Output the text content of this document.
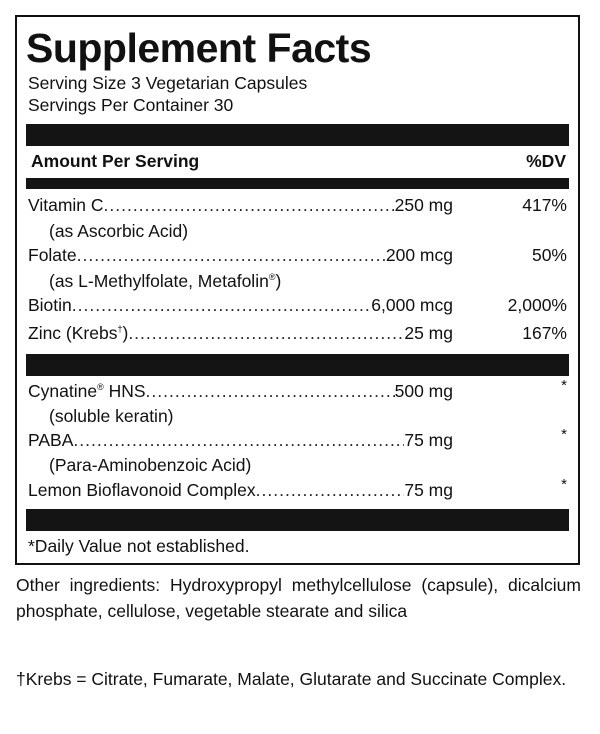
Supplement Facts
Serving Size 3 Vegetarian Capsules
Servings Per Container 30
Amount Per Serving	%DV
Vitamin C .....	250 mg	417%
(as Ascorbic Acid)
Folate .....	200 mcg	50%
(as L-Methylfolate, Metafolin®)
Biotin .....	6,000 mcg	2,000%
Zinc (Krebs†) .....	25 mg	167%
Cynatine® HNS .....	500 mg	*
(soluble keratin)
PABA .....	75 mg	*
(Para-Aminobenzoic Acid)
Lemon Bioflavonoid Complex .....	75 mg	*
*Daily Value not established.

Other ingredients: Hydroxypropyl methylcellulose (capsule), dicalcium phosphate, cellulose, vegetable stearate and silica

†Krebs = Citrate, Fumarate, Malate, Glutarate and Succinate Complex.
